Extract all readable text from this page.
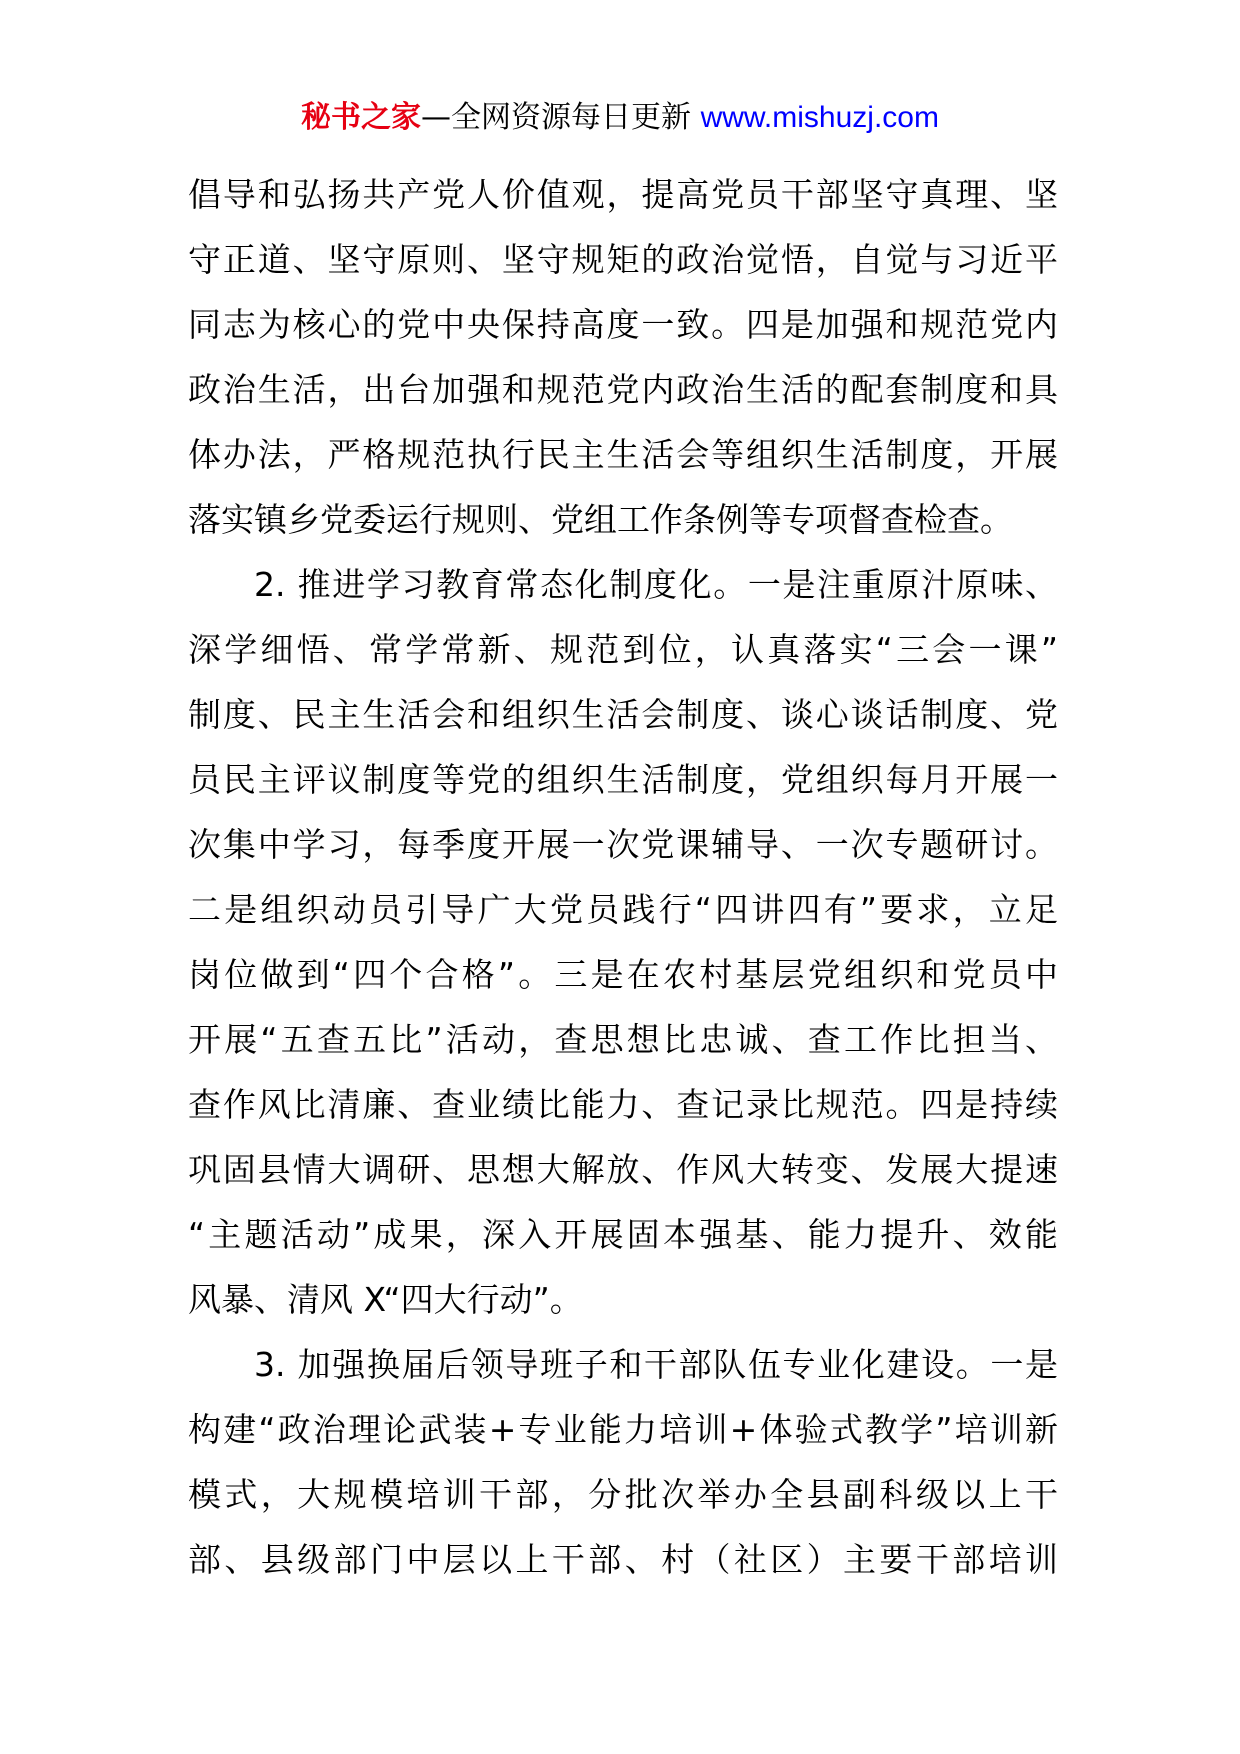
秘书之家—全网资源每日更新 www.mishuzj.com
倡导和弘扬共产党人价值观，提高党员干部坚守真理、坚
守正道、坚守原则、坚守规矩的政治觉悟，自觉与习近平
同志为核心的党中央保持高度一致。四是加强和规范党内
政治生活，出台加强和规范党内政治生活的配套制度和具
体办法，严格规范执行民主生活会等组织生活制度，开展
落实镇乡党委运行规则、党组工作条例等专项督查检查。
2. 推进学习教育常态化制度化。一是注重原汁原味、
深学细悟、常学常新、规范到位，认真落实“三会一课”
制度、民主生活会和组织生活会制度、谈心谈话制度、党
员民主评议制度等党的组织生活制度，党组织每月开展一
次集中学习，每季度开展一次党课辅导、一次专题研讨。
二是组织动员引导广大党员践行“四讲四有”要求，立足
岗位做到“四个合格”。三是在农村基层党组织和党员中
开展“五查五比”活动，查思想比忠诚、查工作比担当、
查作风比清廉、查业绩比能力、查记录比规范。四是持续
巩固县情大调研、思想大解放、作风大转变、发展大提速
“主题活动”成果，深入开展固本强基、能力提升、效能
风暴、清风 X“四大行动”。
3. 加强换届后领导班子和干部队伍专业化建设。一是
构建“政治理论武装+专业能力培训+体验式教学”培训新
模式，大规模培训干部，分批次举办全县副科级以上干
部、县级部门中层以上干部、村（社区）主要干部培训
